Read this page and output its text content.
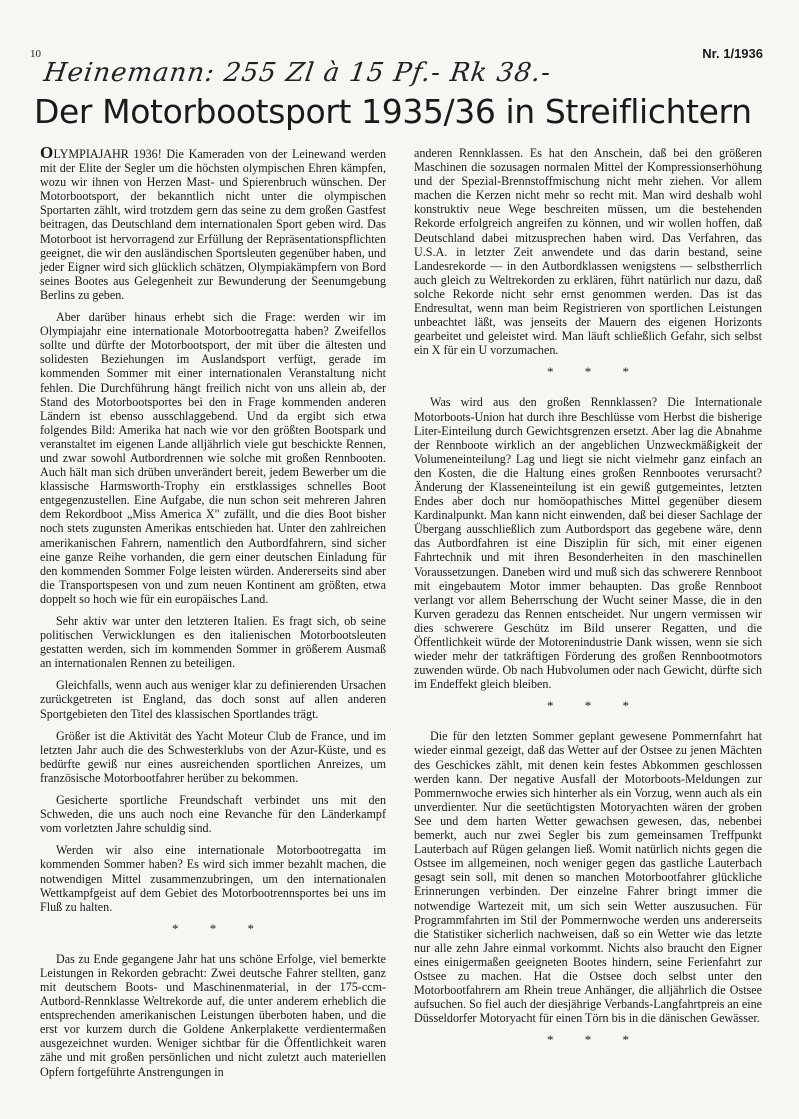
10
Heinemann: 255 Zl à 15 Pf.- Rk 38.-
Nr. 1/1936
Der Motorbootsport 1935/36 in Streiflichtern

OLYMPIAJAHR 1936! Die Kameraden von der Leinewand werden mit der Elite der Segler um die höchsten olympischen Ehren kämpfen, wozu wir ihnen von Herzen Mast- und Spierenbruch wünschen. Der Motorbootsport, der bekanntlich nicht unter die olympischen Sportarten zählt, wird trotzdem gern das seine zu dem großen Gastfest beitragen, das Deutschland dem internationalen Sport geben wird. Das Motorboot ist hervorragend zur Erfüllung der Repräsentationspflichten geeignet, die wir den ausländischen Sportsleuten gegenüber haben, und jeder Eigner wird sich glücklich schätzen, Olympiakämpfern von Bord seines Bootes aus Gelegenheit zur Bewunderung der Seenumgebung Berlins zu geben.

Aber darüber hinaus erhebt sich die Frage: werden wir im Olympiajahr eine internationale Motorbootregatta haben? Zweifellos sollte und dürfte der Motorbootsport, der mit über die ältesten und solidesten Beziehungen im Auslandsport verfügt, gerade im kommenden Sommer mit einer internationalen Veranstaltung nicht fehlen. Die Durchführung hängt freilich nicht von uns allein ab, der Stand des Motorbootsportes bei den in Frage kommenden anderen Ländern ist ebenso ausschlaggebend. Und da ergibt sich etwa folgendes Bild: Amerika hat nach wie vor den größten Bootspark und veranstaltet im eigenen Lande alljährlich viele gut beschickte Rennen, und zwar sowohl Autbordrennen wie solche mit großen Rennbooten. Auch hält man sich drüben unverändert bereit, jedem Bewerber um die klassische Harmsworth-Trophy ein erstklassiges schnelles Boot entgegenzustellen. Eine Aufgabe, die nun schon seit mehreren Jahren dem Rekordboot „Miss America X" zufällt, und die dies Boot bisher noch stets zugunsten Amerikas entschieden hat. Unter den zahlreichen amerikanischen Fahrern, namentlich den Autbordfahrern, sind sicher eine ganze Reihe vorhanden, die gern einer deutschen Einladung für den kommenden Sommer Folge leisten würden. Andererseits sind aber die Transportspesen von und zum neuen Kontinent am größten, etwa doppelt so hoch wie für ein europäisches Land.

Sehr aktiv war unter den letzteren Italien. Es fragt sich, ob seine politischen Verwicklungen es den italienischen Motorbootsleuten gestatten werden, sich im kommenden Sommer in größerem Ausmaß an internationalen Rennen zu beteiligen.

Gleichfalls, wenn auch aus weniger klar zu definierenden Ursachen zurückgetreten ist England, das doch sonst auf allen anderen Sportgebieten den Titel des klassischen Sportlandes trägt.

Größer ist die Aktivität des Yacht Moteur Club de France, und im letzten Jahr auch die des Schwesterklubs von der Azur-Küste, und es bedürfte gewiß nur eines ausreichenden sportlichen Anreizes, um französische Motorbootfahrer herüber zu bekommen.

Gesicherte sportliche Freundschaft verbindet uns mit den Schweden, die uns auch noch eine Revanche für den Länderkampf vom vorletzten Jahre schuldig sind.

Werden wir also eine internationale Motorbootregatta im kommenden Sommer haben? Es wird sich immer bezahlt machen, die notwendigen Mittel zusammenzubringen, um den internationalen Wettkampfgeist auf dem Gebiet des Motorbootrennsportes bei uns im Fluß zu halten.

* * *

Das zu Ende gegangene Jahr hat uns schöne Erfolge, viel bemerkte Leistungen in Rekorden gebracht: Zwei deutsche Fahrer stellten, ganz mit deutschem Boots- und Maschinenmaterial, in der 175-ccm-Autbord-Rennklasse Weltrekorde auf, die unter anderem erheblich die entsprechenden amerikanischen Leistungen überboten haben, und die erst vor kurzem durch die Goldene Ankerplakette verdientermaßen ausgezeichnet wurden. Weniger sichtbar für die Öffentlichkeit waren zähe und mit großen persönlichen und nicht zuletzt auch materiellen Opfern fortgeführte Anstrengungen in

anderen Rennklassen. Es hat den Anschein, daß bei den größeren Maschinen die sozusagen normalen Mittel der Kompressionserhöhung und der Spezial-Brennstoffmischung nicht mehr ziehen. Vor allem machen die Kerzen nicht mehr so recht mit. Man wird deshalb wohl konstruktiv neue Wege beschreiten müssen, um die bestehenden Rekorde erfolgreich angreifen zu können, und wir wollen hoffen, daß Deutschland dabei mitzusprechen haben wird. Das Verfahren, das U.S.A. in letzter Zeit anwendete und das darin bestand, seine Landesrekorde — in den Autbordklassen wenigstens — selbstherrlich auch gleich zu Weltrekorden zu erklären, führt natürlich nur dazu, daß solche Rekorde nicht sehr ernst genommen werden. Das ist das Endresultat, wenn man beim Registrieren von sportlichen Leistungen unbeachtet läßt, was jenseits der Mauern des eigenen Horizonts gearbeitet und geleistet wird. Man läuft schließlich Gefahr, sich selbst ein X für ein U vorzumachen.

* * *

Was wird aus den großen Rennklassen? Die Internationale Motorboots-Union hat durch ihre Beschlüsse vom Herbst die bisherige Liter-Einteilung durch Gewichtsgrenzen ersetzt. Aber lag die Abnahme der Rennboote wirklich an der angeblichen Unzweckmäßigkeit der Volumeneinteilung? Lag und liegt sie nicht vielmehr ganz einfach an den Kosten, die die Haltung eines großen Rennbootes verursacht? Änderung der Klasseneinteilung ist ein gewiß gutgemeintes, letzten Endes aber doch nur homöopathisches Mittel gegenüber diesem Kardinalpunkt. Man kann nicht einwenden, daß bei dieser Sachlage der Übergang ausschließlich zum Autbordsport das gegebene wäre, denn das Autbordfahren ist eine Disziplin für sich, mit einer eigenen Fahrtechnik und mit ihren Besonderheiten in den maschinellen Voraussetzungen. Daneben wird und muß sich das schwerere Rennboot mit eingebautem Motor immer behaupten. Das große Rennboot verlangt vor allem Beherrschung der Wucht seiner Masse, die in den Kurven geradezu das Rennen entscheidet. Nur ungern vermissen wir dies schwerere Geschütz im Bild unserer Regatten, und die Öffentlichkeit würde der Motorenindustrie Dank wissen, wenn sie sich wieder mehr der tatkräftigen Förderung des großen Rennbootmotors zuwenden würde. Ob nach Hubvolumen oder nach Gewicht, dürfte sich im Endeffekt gleich bleiben.

* * *

Die für den letzten Sommer geplant gewesene Pommernfahrt hat wieder einmal gezeigt, daß das Wetter auf der Ostsee zu jenen Mächten des Geschickes zählt, mit denen kein festes Abkommen geschlossen werden kann. Der negative Ausfall der Motorboots-Meldungen zur Pommernwoche erwies sich hinterher als ein Vorzug, wenn auch als ein unverdienter. Nur die seetüchtigsten Motoryachten wären der groben See und dem harten Wetter gewachsen gewesen, das, nebenbei bemerkt, auch nur zwei Segler bis zum gemeinsamen Treffpunkt Lauterbach auf Rügen gelangen ließ. Womit natürlich nichts gegen die Ostsee im allgemeinen, noch weniger gegen das gastliche Lauterbach gesagt sein soll, mit denen so manchen Motorbootfahrer glückliche Erinnerungen verbinden. Der einzelne Fahrer bringt immer die notwendige Wartezeit mit, um sich sein Wetter auszusuchen. Für Programmfahrten im Stil der Pommernwoche werden uns andererseits die Statistiker sicherlich nachweisen, daß so ein Wetter wie das letzte nur alle zehn Jahre einmal vorkommt. Nichts also braucht den Eigner eines einigermaßen geeigneten Bootes hindern, seine Ferienfahrt zur Ostsee zu machen. Hat die Ostsee doch selbst unter den Motorbootfahrern am Rhein treue Anhänger, die alljährlich die Ostsee aufsuchen. So fiel auch der diesjährige Verbands-Langfahrtpreis an eine Düsseldorfer Motoryacht für einen Törn bis in die dänischen Gewässer.

* * *
